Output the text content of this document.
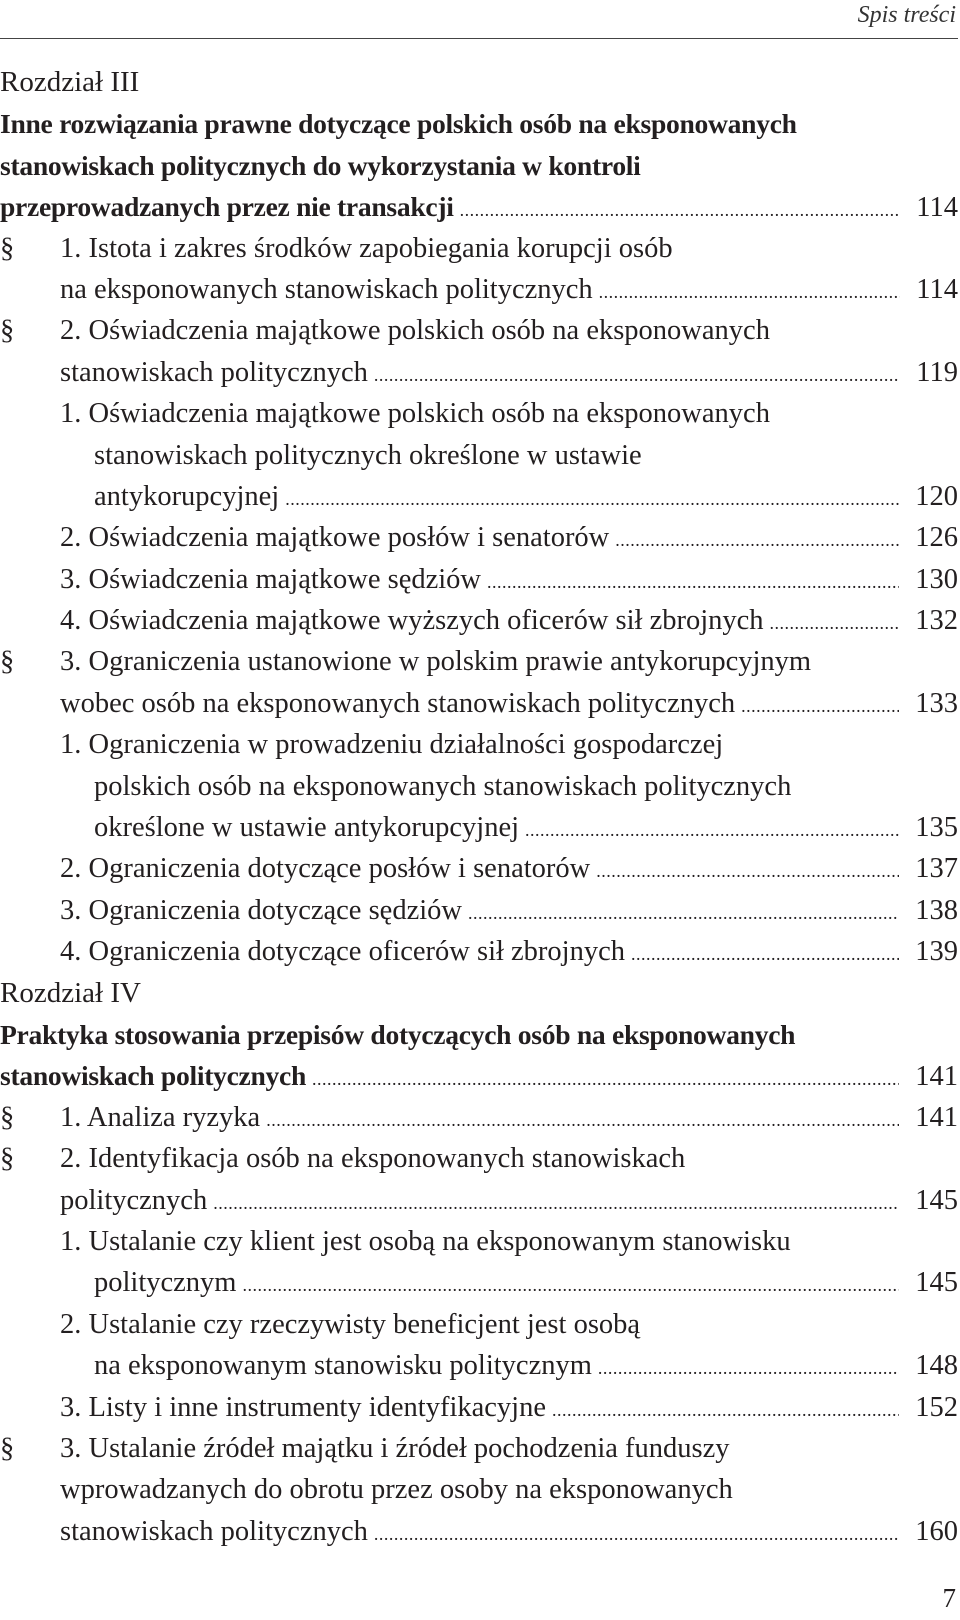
Spis treści
Rozdział III
Inne rozwiązania prawne dotyczące polskich osób na eksponowanych
stanowiskach politycznych do wykorzystania w kontroli
przeprowadzanych przez nie transakcji .....	114
§ 1. Istota i zakres środków zapobiegania korupcji osób
na eksponowanych stanowiskach politycznych .....	114
§ 2. Oświadczenia majątkowe polskich osób na eksponowanych
stanowiskach politycznych .....	119
1. Oświadczenia majątkowe polskich osób na eksponowanych
stanowiskach politycznych określone w ustawie
antykorupcyjnej .....	120
2. Oświadczenia majątkowe posłów i senatorów .....	126
3. Oświadczenia majątkowe sędziów .....	130
4. Oświadczenia majątkowe wyższych oficerów sił zbrojnych .....	132
§ 3. Ograniczenia ustanowione w polskim prawie antykorupcyjnym
wobec osób na eksponowanych stanowiskach politycznych .....	133
1. Ograniczenia w prowadzeniu działalności gospodarczej
polskich osób na eksponowanych stanowiskach politycznych
określone w ustawie antykorupcyjnej .....	135
2. Ograniczenia dotyczące posłów i senatorów .....	137
3. Ograniczenia dotyczące sędziów .....	138
4. Ograniczenia dotyczące oficerów sił zbrojnych .....	139
Rozdział IV
Praktyka stosowania przepisów dotyczących osób na eksponowanych
stanowiskach politycznych .....	141
§ 1. Analiza ryzyka .....	141
§ 2. Identyfikacja osób na eksponowanych stanowiskach
politycznych .....	145
1. Ustalanie czy klient jest osobą na eksponowanym stanowisku
politycznym .....	145
2. Ustalanie czy rzeczywisty beneficjent jest osobą
na eksponowanym stanowisku politycznym .....	148
3. Listy i inne instrumenty identyfikacyjne .....	152
§ 3. Ustalanie źródeł majątku i źródeł pochodzenia funduszy
wprowadzanych do obrotu przez osoby na eksponowanych
stanowiskach politycznych .....	160
7
